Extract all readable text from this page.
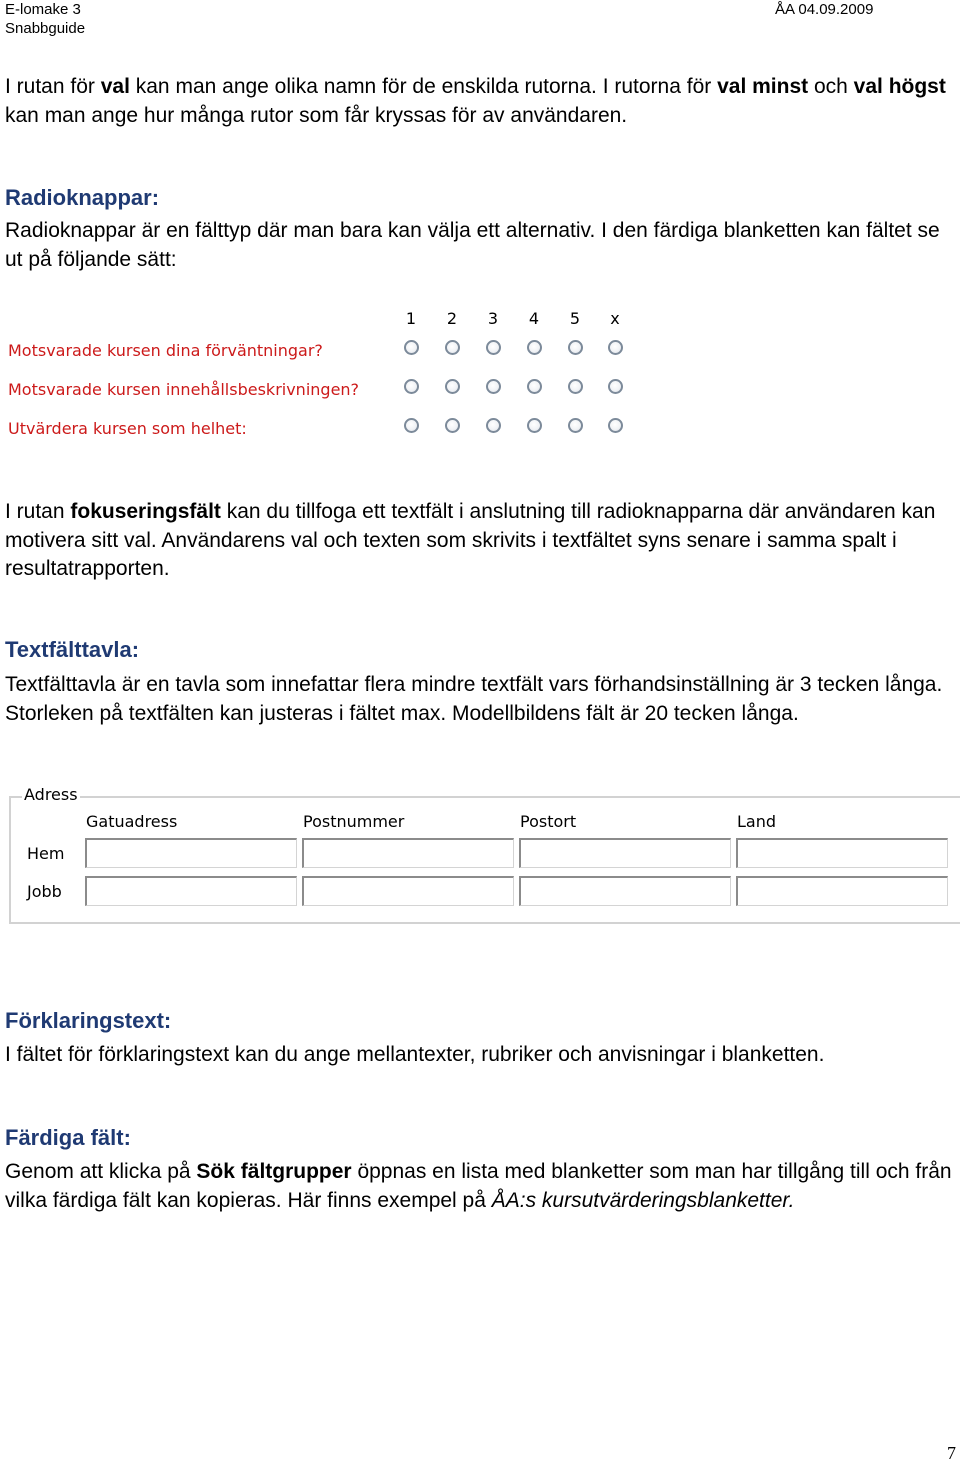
E-lomake 3
Snabbguide
ÅA 04.09.2009

I rutan för val kan man ange olika namn för de enskilda rutorna. I rutorna för val minst och val högst kan man ange hur många rutor som får kryssas för av användaren.

Radioknappar:

Radioknappar är en fälttyp där man bara kan välja ett alternativ. I den färdiga blanketten kan fältet se ut på följande sätt:

1	2	3	4	5	x
Motsvarade kursen dina förväntningar?
Motsvarade kursen innehållsbeskrivningen?
Utvärdera kursen som helhet:

I rutan fokuseringsfält kan du tillfoga ett textfält i anslutning till radioknapparna där användaren kan motivera sitt val. Användarens val och texten som skrivits i textfältet syns senare i samma spalt i resultatrapporten.

Textfälttavla:

Textfälttavla är en tavla som innefattar flera mindre textfält vars förhandsinställning är 3 tecken långa. Storleken på textfälten kan justeras i fältet max. Modellbildens fält är 20 tecken långa.

Adress
Gatuadress	Postnummer	Postort	Land
Hem
Jobb
Förklaringstext:

I fältet för förklaringstext kan du ange mellantexter, rubriker och anvisningar i blanketten.

Färdiga fält:

Genom att klicka på Sök fältgrupper öppnas en lista med blanketter som man har tillgång till och från vilka färdiga fält kan kopieras. Här finns exempel på ÅA:s kursutvärderingsblanketter.

7
